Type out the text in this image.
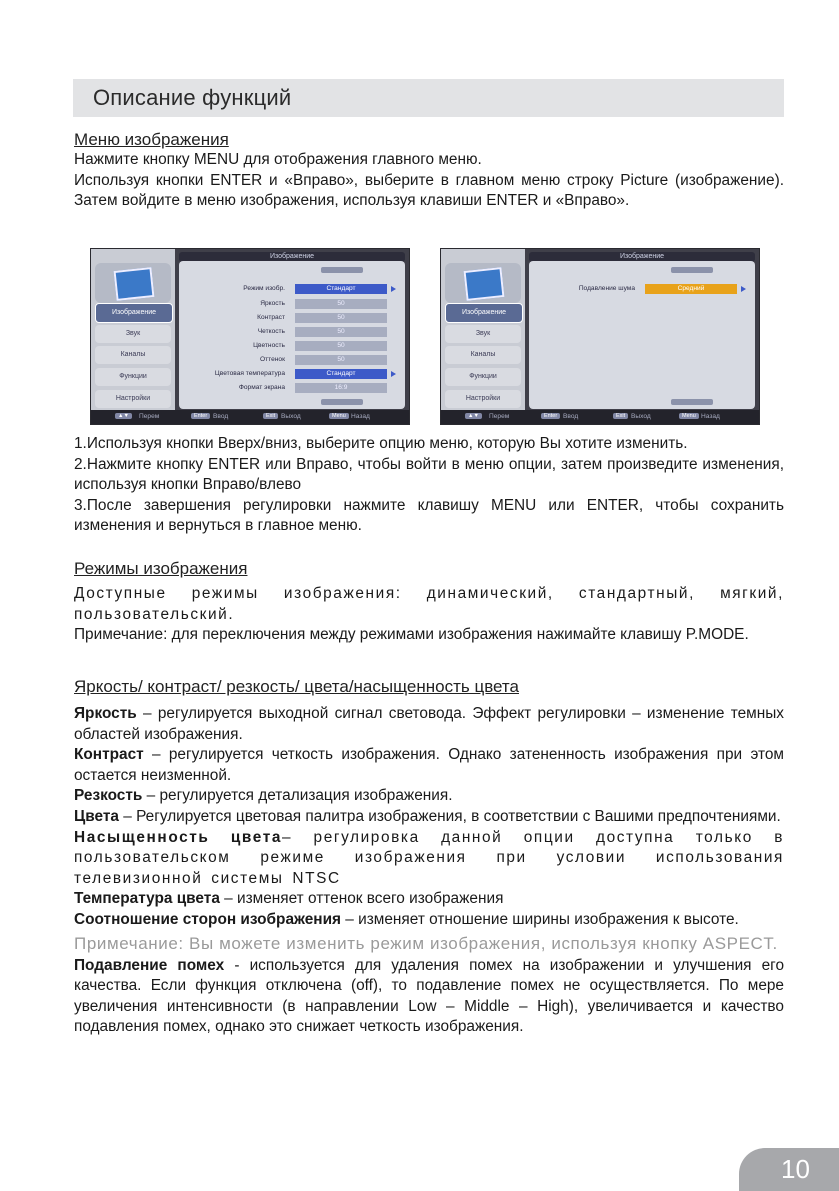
Описание функций
Меню изображения

Нажмите кнопку MENU для отображения главного меню.

Используя кнопки ENTER и «Вправо», выберите в главном меню строку Picture (изображение). Затем войдите в меню изображения, используя клавиши ENTER и «Вправо».

Изображение
Звук
Каналы
Функции
Настройки
Изображение
Режим изобр.	Стандарт
Яркость	50
Контраст	50
Четкость	50
Цветность	50
Оттенок	50
Цветовая температура	Стандарт
Формат экрана	16:9
▲▼	Перем	Enter Ввод	Exit Выход	Menu Назад
Изображение
Звук
Каналы
Функции
Настройки
Изображение
Подавление шума	Средний
▲▼	Перем	Enter Ввод	Exit Выход	Menu Назад

1.Используя кнопки Вверх/вниз, выберите опцию меню, которую Вы хотите изменить.

2.Нажмите кнопку ENTER или Вправо, чтобы войти в меню опции, затем произведите изменения, используя кнопки Вправо/влево

3.После завершения регулировки нажмите клавишу MENU или ENTER, чтобы сохранить изменения и вернуться в главное меню.

Режимы изображения

Доступные режимы изображения: динамический, стандартный, мягкий, пользовательский.

Примечание: для переключения между режимами изображения нажимайте клавишу P.MODE.

Яркость/ контраст/ резкость/ цвета/насыщенность цвета

Яркость – регулируется выходной сигнал световода. Эффект регулировки – изменение темных областей изображения.

Контраст – регулируется четкость изображения. Однако затененность изображения при этом остается неизменной.

Резкость – регулируется детализация изображения.

Цвета – Регулируется цветовая палитра изображения, в соответствии с Вашими предпочтениями.

Насыщенность цвета– регулировка данной опции доступна только в пользовательском режиме изображения при условии использования телевизионной системы NTSC

Температура цвета – изменяет оттенок всего изображения

Соотношение сторон изображения – изменяет отношение ширины изображения к высоте.

Примечание: Вы можете изменить режим изображения, используя кнопку ASPECT.

Подавление помех - используется для удаления помех на изображении и улучшения его качества. Если функция отключена (off), то подавление помех не осуществляется. По мере увеличения интенсивности (в направлении Low – Middle – High), увеличивается и качество подавления помех, однако это снижает четкость изображения.

10
